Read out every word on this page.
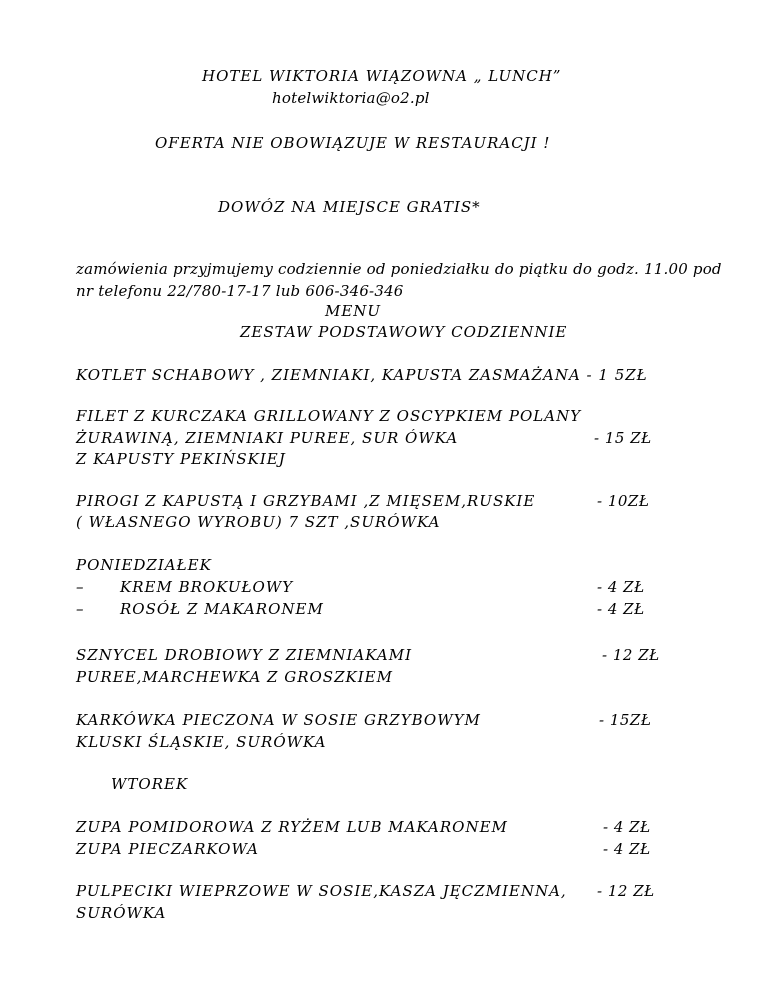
HOTEL WIKTORIA WIĄZOWNA „ LUNCH”
hotelwiktoria@o2.pl
OFERTA NIE OBOWIĄZUJE W RESTAURACJI !
DOWÓZ NA MIEJSCE GRATIS*
zamówienia przyjmujemy codziennie od poniedziałku do piątku do godz. 11.00 pod
nr telefonu 22/780-17-17 lub 606-346-346
MENU
ZESTAW PODSTAWOWY CODZIENNIE
KOTLET SCHABOWY , ZIEMNIAKI, KAPUSTA ZASMAŻANA - 1 5ZŁ
FILET Z KURCZAKA GRILLOWANY Z OSCYPKIEM POLANY
ŻURAWINĄ, ZIEMNIAKI PUREE, SUR ÓWKA	- 15 ZŁ
Z KAPUSTY PEKIŃSKIEJ
PIROGI Z KAPUSTĄ I GRZYBAMI ,Z MIĘSEM,RUSKIE	- 10ZŁ
( WŁASNEGO WYROBU) 7 SZT ,SURÓWKA
PONIEDZIAŁEK
– KREM BROKUŁOWY	- 4 ZŁ
– ROSÓŁ Z MAKARONEM	- 4 ZŁ
SZNYCEL DROBIOWY Z ZIEMNIAKAMI	- 12 ZŁ
PUREE,MARCHEWKA Z GROSZKIEM
KARKÓWKA PIECZONA W SOSIE GRZYBOWYM	- 15ZŁ
KLUSKI ŚLĄSKIE, SURÓWKA
WTOREK
ZUPA POMIDOROWA Z RYŻEM LUB MAKARONEM	- 4 ZŁ
ZUPA PIECZARKOWA	- 4 ZŁ
PULPECIKI WIEPRZOWE W SOSIE,KASZA JĘCZMIENNA, - 12 ZŁ
SURÓWKA
